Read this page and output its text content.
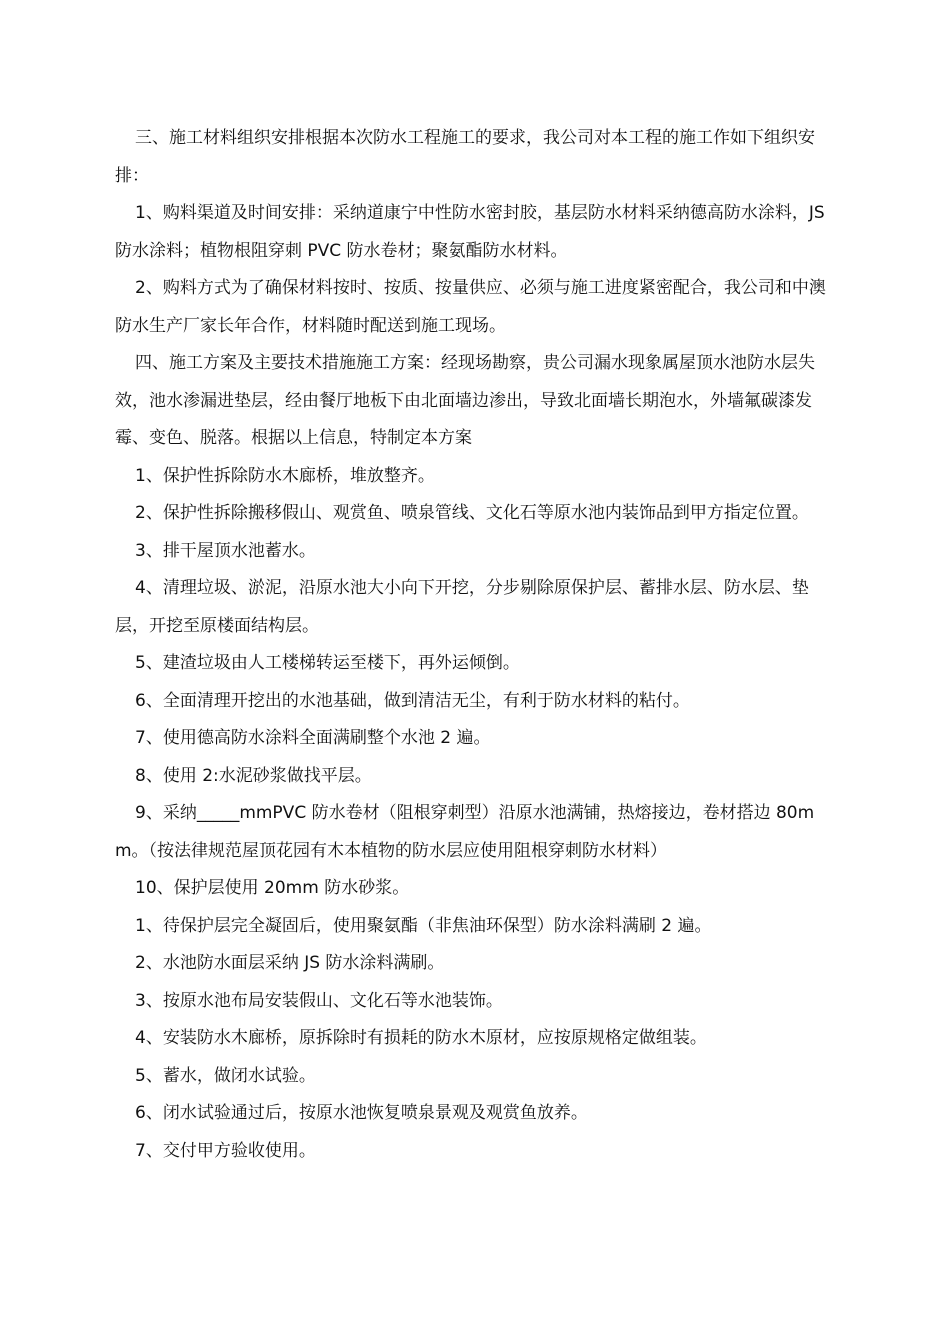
三、施工材料组织安排根据本次防水工程施工的要求，我公司对本工程的施工作如下组织安排：

1、购料渠道及时间安排：采纳道康宁中性防水密封胶，基层防水材料采纳德高防水涂料，JS 防水涂料；植物根阻穿刺 PVC 防水卷材；聚氨酯防水材料。

2、购料方式为了确保材料按时、按质、按量供应、必须与施工进度紧密配合，我公司和中澳防水生产厂家长年合作，材料随时配送到施工现场。

四、施工方案及主要技术措施施工方案：经现场勘察，贵公司漏水现象属屋顶水池防水层失效，池水渗漏进垫层，经由餐厅地板下由北面墙边渗出，导致北面墙长期泡水，外墙氟碳漆发霉、变色、脱落。根据以上信息，特制定本方案

1、保护性拆除防水木廊桥，堆放整齐。

2、保护性拆除搬移假山、观赏鱼、喷泉管线、文化石等原水池内装饰品到甲方指定位置。

3、排干屋顶水池蓄水。

4、清理垃圾、淤泥，沿原水池大小向下开挖，分步剔除原保护层、蓄排水层、防水层、垫层，开挖至原楼面结构层。

5、建渣垃圾由人工楼梯转运至楼下，再外运倾倒。

6、全面清理开挖出的水池基础，做到清洁无尘，有利于防水材料的粘付。

7、使用德高防水涂料全面满刷整个水池 2 遍。

8、使用 2:水泥砂浆做找平层。

9、采纳_____mmPVC 防水卷材（阻根穿刺型）沿原水池满铺，热熔接边，卷材搭边 80mm。（按法律规范屋顶花园有木本植物的防水层应使用阻根穿刺防水材料）

10、保护层使用 20mm 防水砂浆。

1、待保护层完全凝固后，使用聚氨酯（非焦油环保型）防水涂料满刷 2 遍。

2、水池防水面层采纳 JS 防水涂料满刷。

3、按原水池布局安装假山、文化石等水池装饰。

4、安装防水木廊桥，原拆除时有损耗的防水木原材，应按原规格定做组装。

5、蓄水，做闭水试验。

6、闭水试验通过后，按原水池恢复喷泉景观及观赏鱼放养。

7、交付甲方验收使用。
